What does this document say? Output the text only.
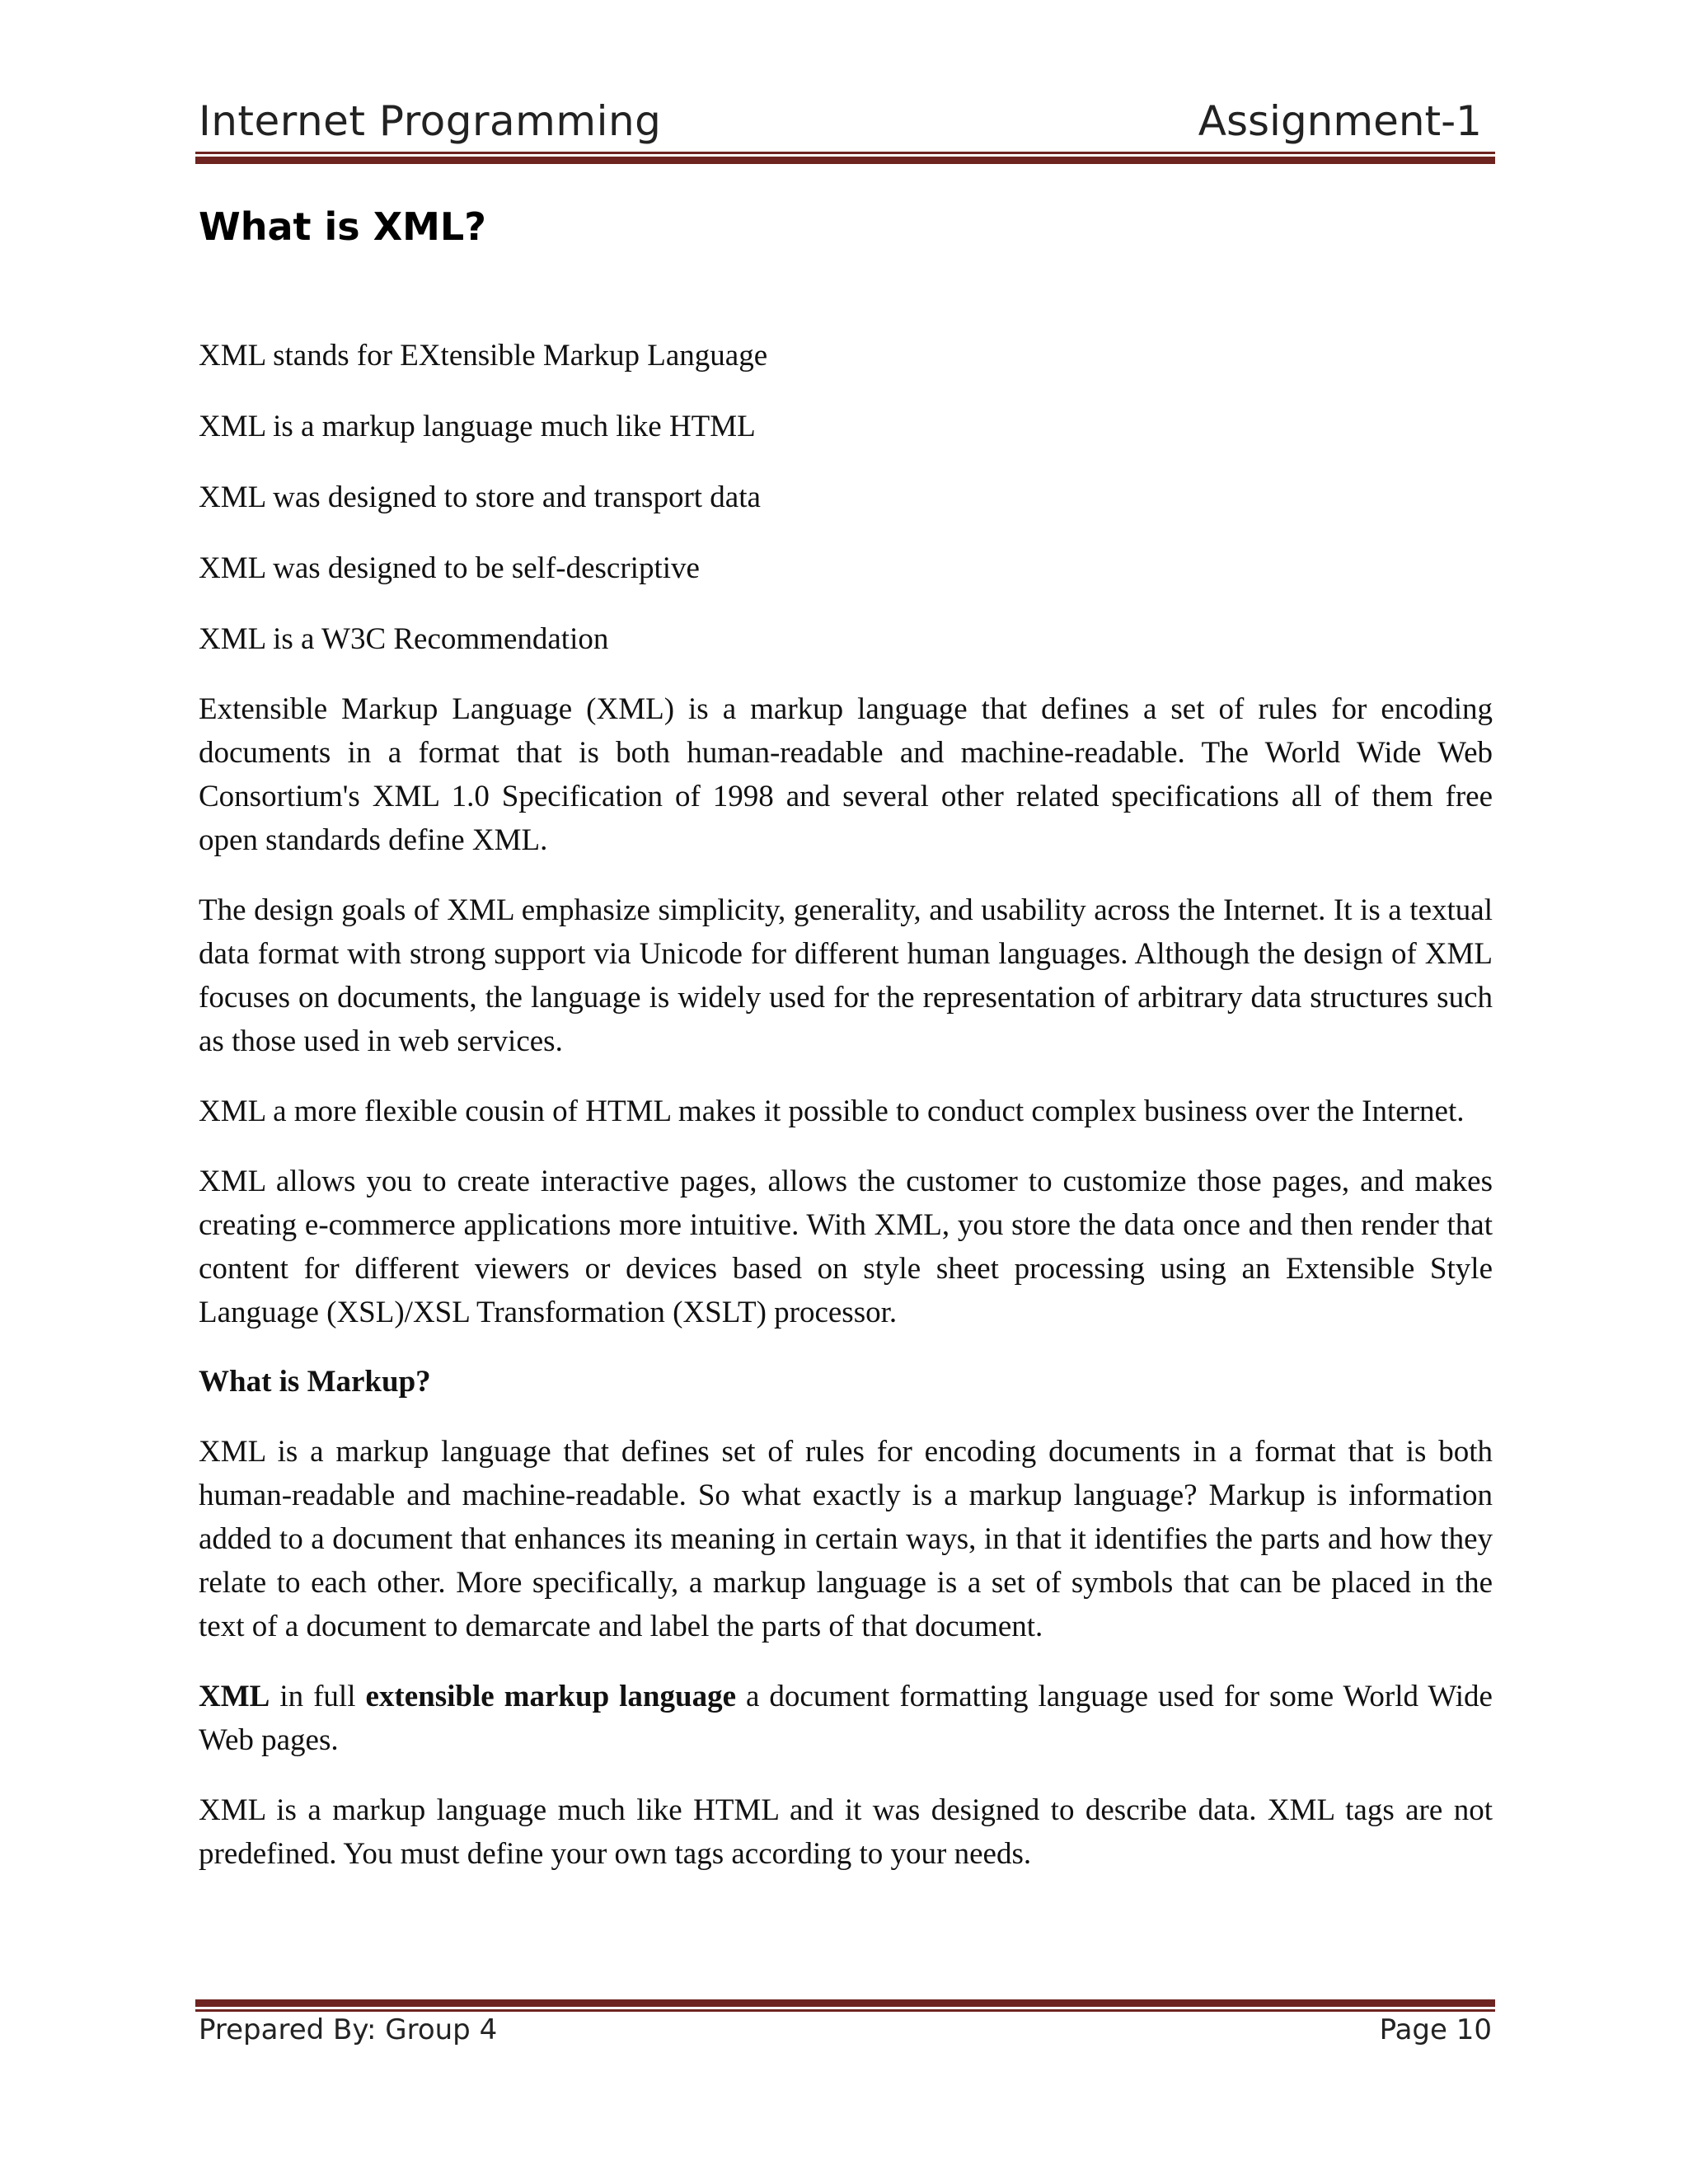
Internet Programming	Assignment-1
What is XML?

XML stands for EXtensible Markup Language

XML is a markup language much like HTML

XML was designed to store and transport data

XML was designed to be self-descriptive

XML is a W3C Recommendation

Extensible Markup Language (XML) is a markup language that defines a set of rules for encoding documents in a format that is both human-readable and machine-readable. The World Wide Web Consortium's XML 1.0 Specification of 1998 and several other related specifications all of them free open standards define XML.

The design goals of XML emphasize simplicity, generality, and usability across the Internet. It is a textual data format with strong support via Unicode for different human languages. Although the design of XML focuses on documents, the language is widely used for the representation of arbitrary data structures such as those used in web services.

XML a more flexible cousin of HTML makes it possible to conduct complex business over the Internet.

XML allows you to create interactive pages, allows the customer to customize those pages, and makes creating e-commerce applications more intuitive. With XML, you store the data once and then render that content for different viewers or devices based on style sheet processing using an Extensible Style Language (XSL)/XSL Transformation (XSLT) processor.

What is Markup?

XML is a markup language that defines set of rules for encoding documents in a format that is both human-readable and machine-readable. So what exactly is a markup language? Markup is information added to a document that enhances its meaning in certain ways, in that it identifies the parts and how they relate to each other. More specifically, a markup language is a set of symbols that can be placed in the text of a document to demarcate and label the parts of that document.

XML in full extensible markup language a document formatting language used for some World Wide Web pages.

XML is a markup language much like HTML and it was designed to describe data. XML tags are not predefined. You must define your own tags according to your needs.

Prepared By: Group 4	Page 10
